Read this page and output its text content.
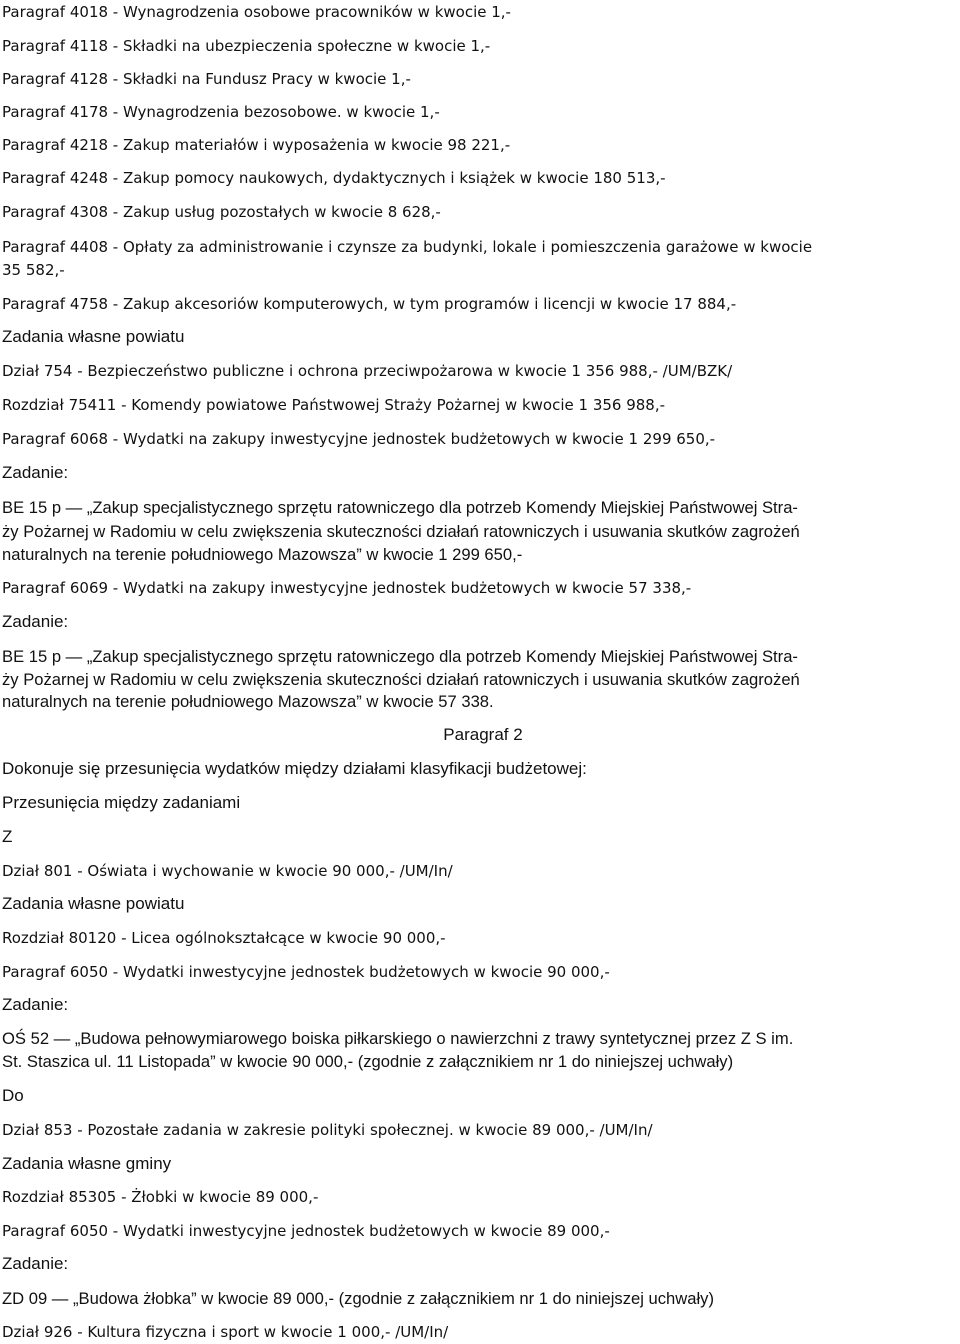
Paragraf 4018 - Wynagrodzenia osobowe pracowników w kwocie 1,-

Paragraf 4118 - Składki na ubezpieczenia społeczne w kwocie 1,-

Paragraf 4128 - Składki na Fundusz Pracy w kwocie 1,-

Paragraf 4178 - Wynagrodzenia bezosobowe. w kwocie 1,-

Paragraf 4218 - Zakup materiałów i wyposażenia w kwocie 98 221,-

Paragraf 4248 - Zakup pomocy naukowych, dydaktycznych i książek w kwocie 180 513,-

Paragraf 4308 - Zakup usług pozostałych w kwocie 8 628,-

Paragraf 4408 - Opłaty za administrowanie i czynsze za budynki, lokale i pomieszczenia garażowe w kwocie

35 582,-

Paragraf 4758 - Zakup akcesoriów komputerowych, w tym programów i licencji w kwocie 17 884,-

Zadania własne powiatu

Dział 754 - Bezpieczeństwo publiczne i ochrona przeciwpożarowa w kwocie 1 356 988,- /UM/BZK/

Rozdział 75411 - Komendy powiatowe Państwowej Straży Pożarnej w kwocie 1 356 988,-

Paragraf 6068 - Wydatki na zakupy inwestycyjne jednostek budżetowych w kwocie 1 299 650,-

Zadanie:

BE 15 p — „Zakup specjalistycznego sprzętu ratowniczego dla potrzeb Komendy Miejskiej Państwowej Stra-

ży Pożarnej w Radomiu w celu zwiększenia skuteczności działań ratowniczych i usuwania skutków zagrożeń

naturalnych na terenie południowego Mazowsza” w kwocie 1 299 650,-

Paragraf 6069 - Wydatki na zakupy inwestycyjne jednostek budżetowych w kwocie 57 338,-

Zadanie:

BE 15 p — „Zakup specjalistycznego sprzętu ratowniczego dla potrzeb Komendy Miejskiej Państwowej Stra-

ży Pożarnej w Radomiu w celu zwiększenia skuteczności działań ratowniczych i usuwania skutków zagrożeń

naturalnych na terenie południowego Mazowsza” w kwocie 57 338.

Paragraf 2

Dokonuje się przesunięcia wydatków między działami klasyfikacji budżetowej:

Przesunięcia między zadaniami

Z

Dział 801 - Oświata i wychowanie w kwocie 90 000,- /UM/In/

Zadania własne powiatu

Rozdział 80120 - Licea ogólnokształcące w kwocie 90 000,-

Paragraf 6050 - Wydatki inwestycyjne jednostek budżetowych w kwocie 90 000,-

Zadanie:

OŚ 52 — „Budowa pełnowymiarowego boiska piłkarskiego o nawierzchni z trawy syntetycznej przez Z S im.

St. Staszica ul. 11 Listopada” w kwocie 90 000,- (zgodnie z załącznikiem nr 1 do niniejszej uchwały)

Do

Dział 853 - Pozostałe zadania w zakresie polityki społecznej. w kwocie 89 000,- /UM/In/

Zadania własne gminy

Rozdział 85305 - Żłobki w kwocie 89 000,-

Paragraf 6050 - Wydatki inwestycyjne jednostek budżetowych w kwocie 89 000,-

Zadanie:

ZD 09 — „Budowa żłobka” w kwocie 89 000,- (zgodnie z załącznikiem nr 1 do niniejszej uchwały)

Dział 926 - Kultura fizyczna i sport w kwocie 1 000,- /UM/In/
